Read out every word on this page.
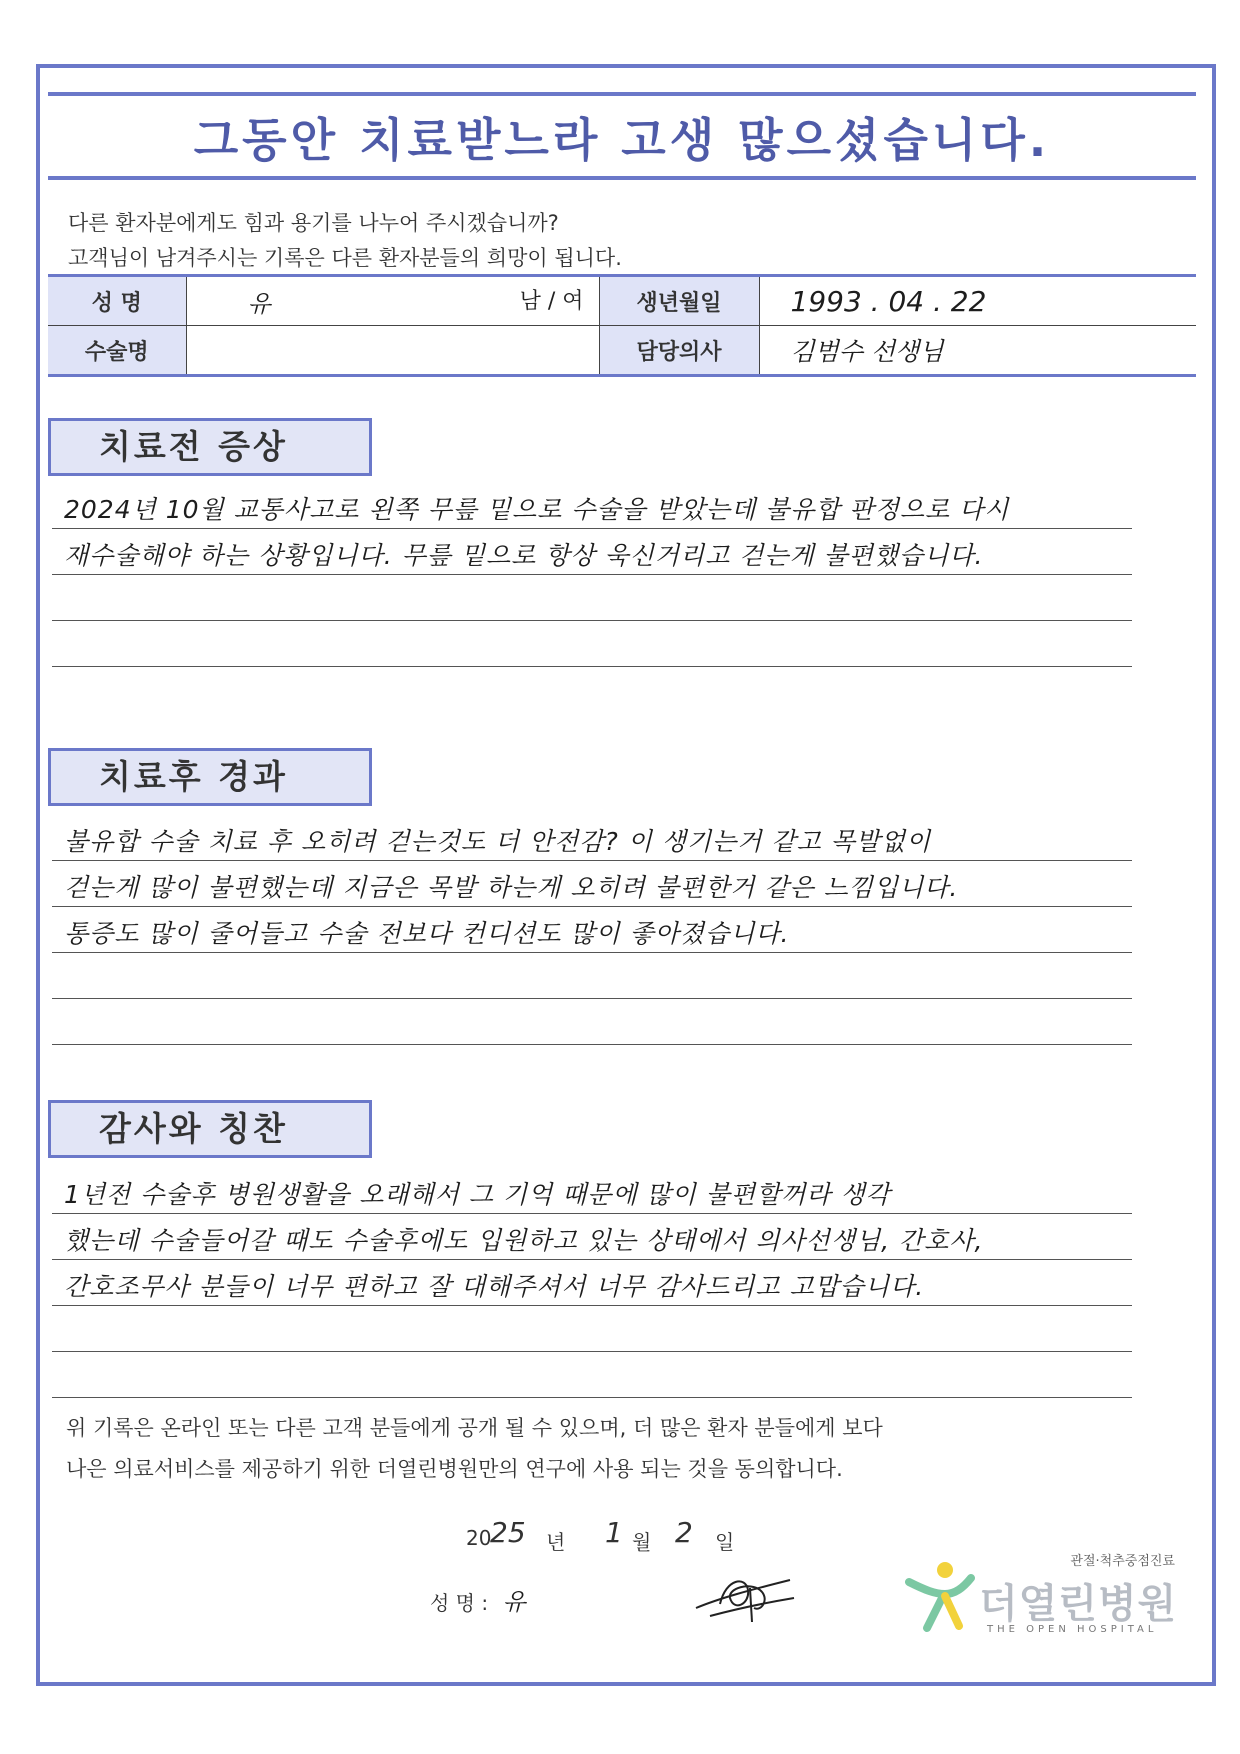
그동안 치료받느라 고생 많으셨습니다.
다른 환자분에게도 힘과 용기를 나누어 주시겠습니까?
고객님이 남겨주시는 기록은 다른 환자분들의 희망이 됩니다.
성 명	유 남 / 여	생년월일	1993 . 04 . 22
수술명		담당의사	김범수 선생님
치료전 증상
2024년 10월 교통사고로 왼쪽 무릎 밑으로 수술을 받았는데 불유합 판정으로 다시
재수술해야 하는 상황입니다. 무릎 밑으로 항상 욱신거리고 걷는게 불편했습니다.
치료후 경과
불유합 수술 치료 후 오히려 걷는것도 더 안전감? 이 생기는거 같고 목발없이
걷는게 많이 불편했는데 지금은 목발 하는게 오히려 불편한거 같은 느낌입니다.
통증도 많이 줄어들고 수술 전보다 컨디션도 많이 좋아졌습니다.
감사와 칭찬
1년전 수술후 병원생활을 오래해서 그 기억 때문에 많이 불편할꺼라 생각
했는데 수술들어갈 때도 수술후에도 입원하고 있는 상태에서 의사선생님, 간호사,
간호조무사 분들이 너무 편하고 잘 대해주셔서 너무 감사드리고 고맙습니다.
위 기록은 온라인 또는 다른 고객 분들에게 공개 될 수 있으며, 더 많은 환자 분들에게 보다
나은 의료서비스를 제공하기 위한 더열린병원만의 연구에 사용 되는 것을 동의합니다.
20
25 년 1 월 2 일
성 명 : 유
관절·척추중점진료
더열린병원
THE OPEN HOSPITAL
